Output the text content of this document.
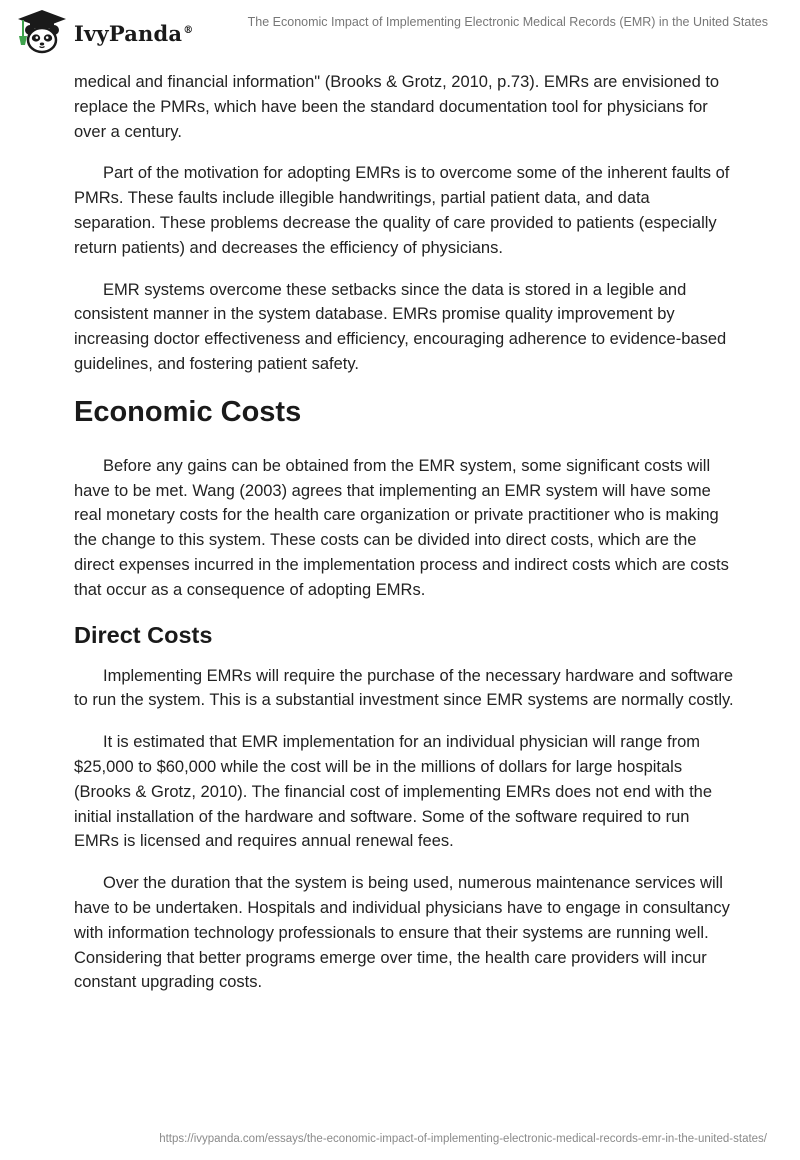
IvyPanda®
The Economic Impact of Implementing Electronic Medical Records (EMR) in the United States

medical and financial information" (Brooks & Grotz, 2010, p.73). EMRs are envisioned to replace the PMRs, which have been the standard documentation tool for physicians for over a century.

Part of the motivation for adopting EMRs is to overcome some of the inherent faults of PMRs. These faults include illegible handwritings, partial patient data, and data separation. These problems decrease the quality of care provided to patients (especially return patients) and decreases the efficiency of physicians.

EMR systems overcome these setbacks since the data is stored in a legible and consistent manner in the system database. EMRs promise quality improvement by increasing doctor effectiveness and efficiency, encouraging adherence to evidence-based guidelines, and fostering patient safety.

Economic Costs

Before any gains can be obtained from the EMR system, some significant costs will have to be met. Wang (2003) agrees that implementing an EMR system will have some real monetary costs for the health care organization or private practitioner who is making the change to this system. These costs can be divided into direct costs, which are the direct expenses incurred in the implementation process and indirect costs which are costs that occur as a consequence of adopting EMRs.

Direct Costs

Implementing EMRs will require the purchase of the necessary hardware and software to run the system. This is a substantial investment since EMR systems are normally costly.

It is estimated that EMR implementation for an individual physician will range from $25,000 to $60,000 while the cost will be in the millions of dollars for large hospitals (Brooks & Grotz, 2010). The financial cost of implementing EMRs does not end with the initial installation of the hardware and software. Some of the software required to run EMRs is licensed and requires annual renewal fees.

Over the duration that the system is being used, numerous maintenance services will have to be undertaken. Hospitals and individual physicians have to engage in consultancy with information technology professionals to ensure that their systems are running well. Considering that better programs emerge over time, the health care providers will incur constant upgrading costs.

https://ivypanda.com/essays/the-economic-impact-of-implementing-electronic-medical-records-emr-in-the-united-states/
